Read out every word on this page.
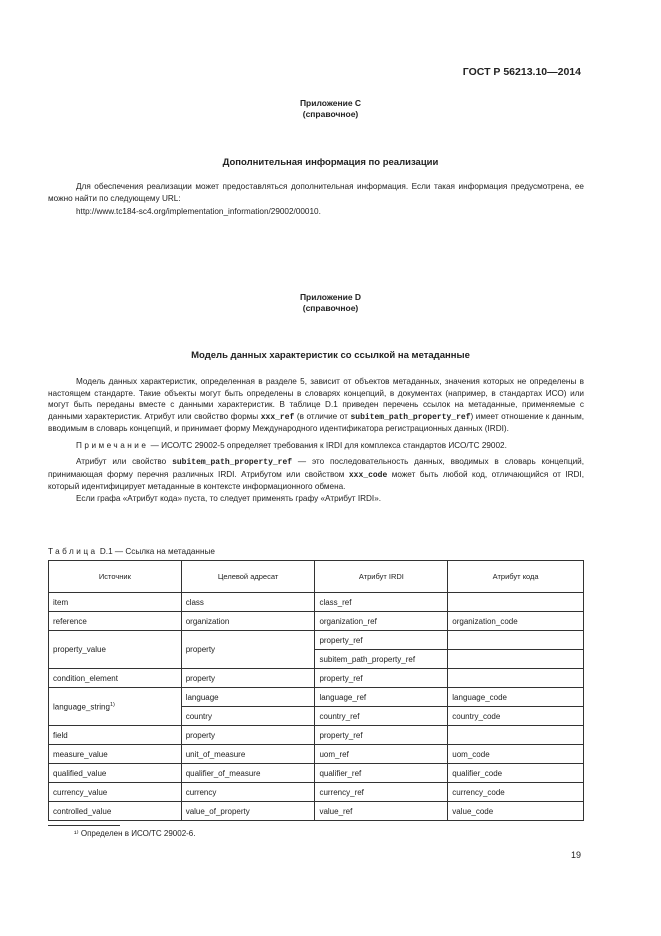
ГОСТ Р 56213.10—2014
Приложение C
(справочное)
Дополнительная информация по реализации

Для обеспечения реализации может предоставляться дополнительная информация. Если такая информация предусмотрена, ее можно найти по следующему URL:

http://www.tc184-sc4.org/implementation_information/29002/00010.

Приложение D
(справочное)
Модель данных характеристик со ссылкой на метаданные

Модель данных характеристик, определенная в разделе 5, зависит от объектов метаданных, значения которых не определены в настоящем стандарте. Такие объекты могут быть определены в словарях концепций, в документах (например, в стандартах ИСО) или могут быть переданы вместе с данными характеристик. В таблице D.1 приведен перечень ссылок на метаданные, применяемые с данными характеристик. Атрибут или свойство формы xxx_ref (в отличие от subitem_path_property_ref) имеет отношение к данным, вводимым в словарь концепций, и принимает форму Международного идентификатора регистрационных данных (IRDI).

Примечание — ИСО/ТС 29002-5 определяет требования к IRDI для комплекса стандартов ИСО/ТС 29002.

Атрибут или свойство subitem_path_property_ref — это последовательность данных, вводимых в словарь концепций, принимающая форму перечня различных IRDI. Атрибутом или свойством xxx_code может быть любой код, отличающийся от IRDI, который идентифицирует метаданные в контексте информационного обмена.

Если графа «Атрибут кода» пуста, то следует применять графу «Атрибут IRDI».

Таблица D.1 — Ссылка на метаданные
Источник	Целевой адресат	Атрибут IRDI	Атрибут кода
item	class	class_ref	
reference	organization	organization_ref	organization_code
property_value	property	property_ref	
		subitem_path_property_ref	
condition_element	property	property_ref	
language_string$^{1)}$	language	language_ref	language_code
	country	country_ref	country_code
field	property	property_ref	
measure_value	unit_of_measure	uom_ref	uom_code
qualified_value	qualifier_of_measure	qualifier_ref	qualifier_code
currency_value	currency	currency_ref	currency_code
controlled_value	value_of_property	value_ref	value_code
¹⁾ Определен в ИСО/ТС 29002-6.
19
